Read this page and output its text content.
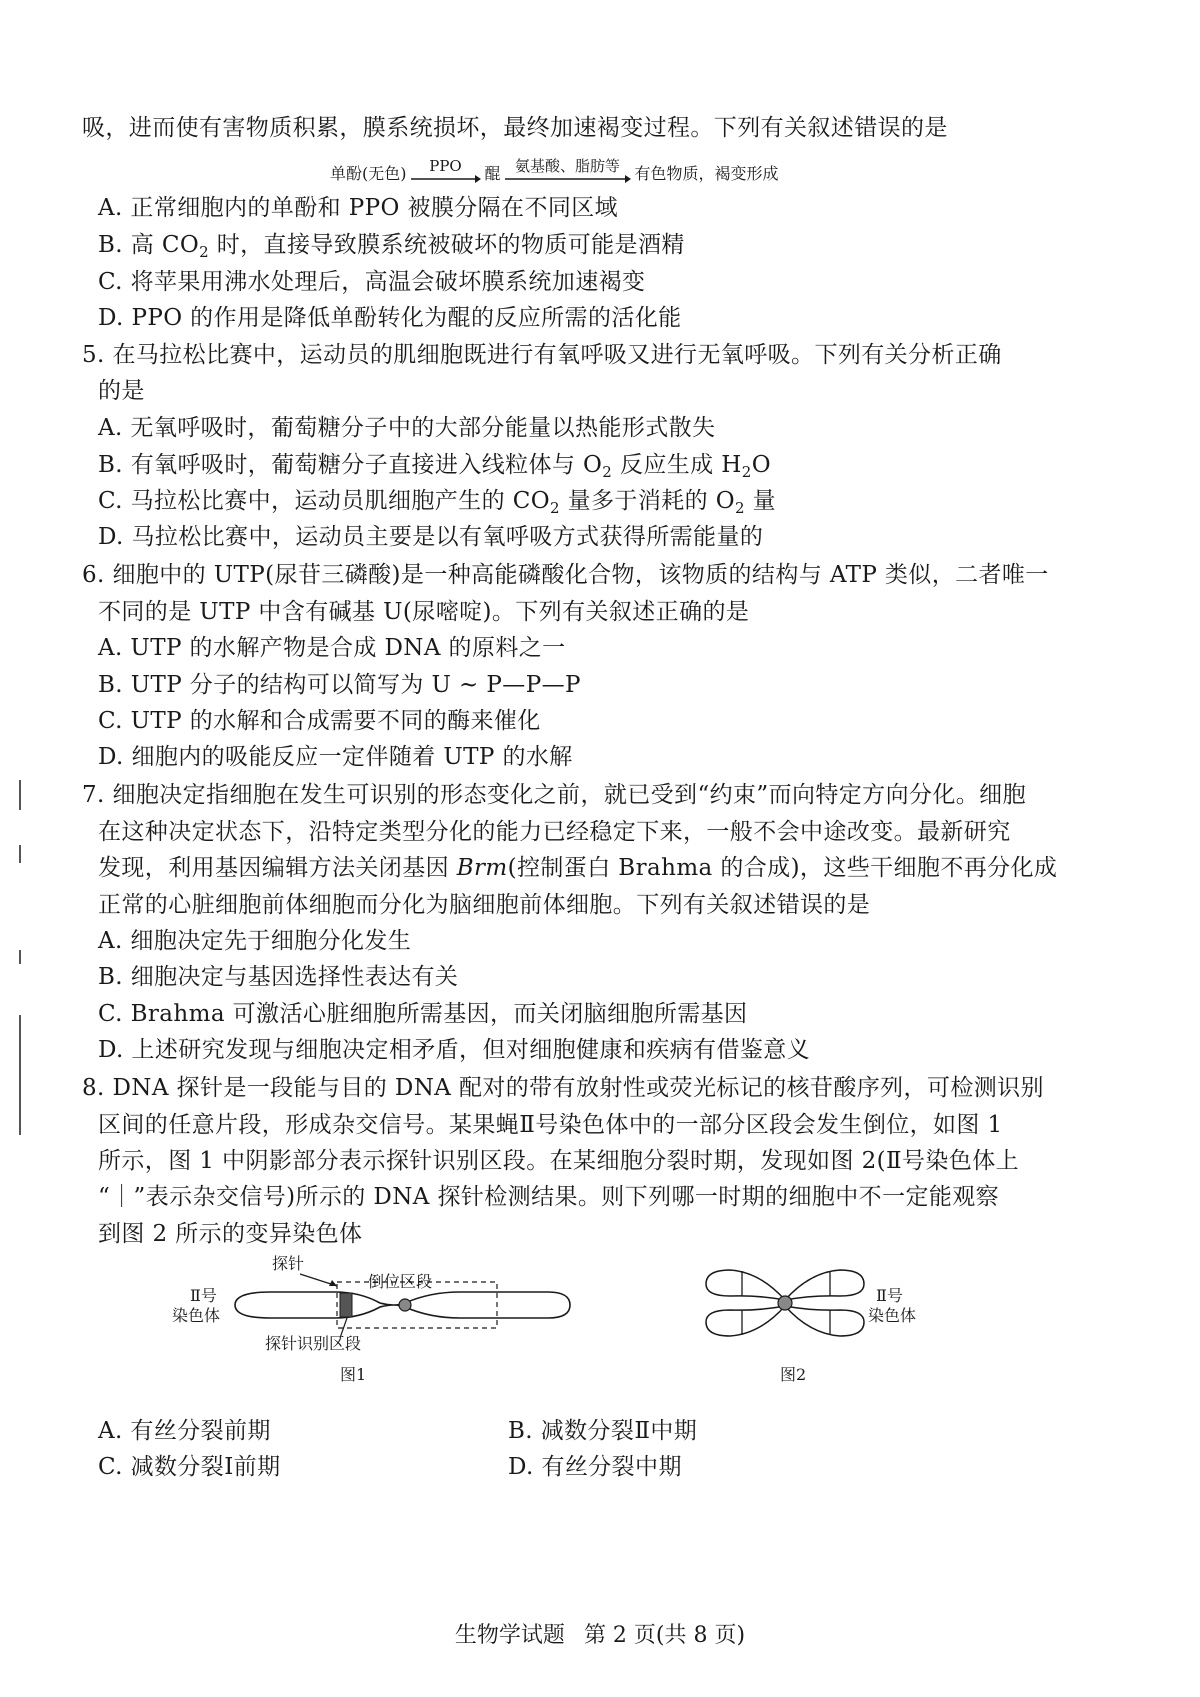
吸，进而使有害物质积累，膜系统损坏，最终加速褐变过程。下列有关叙述错误的是
单酚(无色) PPO 醌 氨基酸、脂肪等 有色物质，褐变形成
A. 正常细胞内的单酚和 PPO 被膜分隔在不同区域
B. 高 $CO_2$ 时，直接导致膜系统被破坏的物质可能是酒精
C. 将苹果用沸水处理后，高温会破坏膜系统加速褐变
D. PPO 的作用是降低单酚转化为醌的反应所需的活化能
5. 在马拉松比赛中，运动员的肌细胞既进行有氧呼吸又进行无氧呼吸。下列有关分析正确
的是
A. 无氧呼吸时，葡萄糖分子中的大部分能量以热能形式散失
B. 有氧呼吸时，葡萄糖分子直接进入线粒体与 $O_2$ 反应生成 $H_2O$
C. 马拉松比赛中，运动员肌细胞产生的 $CO_2$ 量多于消耗的 $O_2$ 量
D. 马拉松比赛中，运动员主要是以有氧呼吸方式获得所需能量的
6. 细胞中的 UTP(尿苷三磷酸)是一种高能磷酸化合物，该物质的结构与 ATP 类似，二者唯一
不同的是 UTP 中含有碱基 U(尿嘧啶)。下列有关叙述正确的是
A. UTP 的水解产物是合成 DNA 的原料之一
B. UTP 分子的结构可以简写为 U ~ P—P—P
C. UTP 的水解和合成需要不同的酶来催化
D. 细胞内的吸能反应一定伴随着 UTP 的水解
7. 细胞决定指细胞在发生可识别的形态变化之前，就已受到“约束”而向特定方向分化。细胞
在这种决定状态下，沿特定类型分化的能力已经稳定下来，一般不会中途改变。最新研究
发现，利用基因编辑方法关闭基因 Brm(控制蛋白 Brahma 的合成)，这些干细胞不再分化成
正常的心脏细胞前体细胞而分化为脑细胞前体细胞。下列有关叙述错误的是
A. 细胞决定先于细胞分化发生
B. 细胞决定与基因选择性表达有关
C. Brahma 可激活心脏细胞所需基因，而关闭脑细胞所需基因
D. 上述研究发现与细胞决定相矛盾，但对细胞健康和疾病有借鉴意义
8. DNA 探针是一段能与目的 DNA 配对的带有放射性或荧光标记的核苷酸序列，可检测识别
区间的任意片段，形成杂交信号。某果蝇Ⅱ号染色体中的一部分区段会发生倒位，如图 1
所示，图 1 中阴影部分表示探针识别区段。在某细胞分裂时期，发现如图 2(Ⅱ号染色体上
“｜”表示杂交信号)所示的 DNA 探针检测结果。则下列哪一时期的细胞中不一定能观察
到图 2 所示的变异染色体
Ⅱ号
染色体
探针
倒位区段
探针识别区段
图1
Ⅱ号
染色体
图2
A. 有丝分裂前期	B. 减数分裂Ⅱ中期
C. 减数分裂Ⅰ前期	D. 有丝分裂中期
生物学试题 第 2 页(共 8 页)
